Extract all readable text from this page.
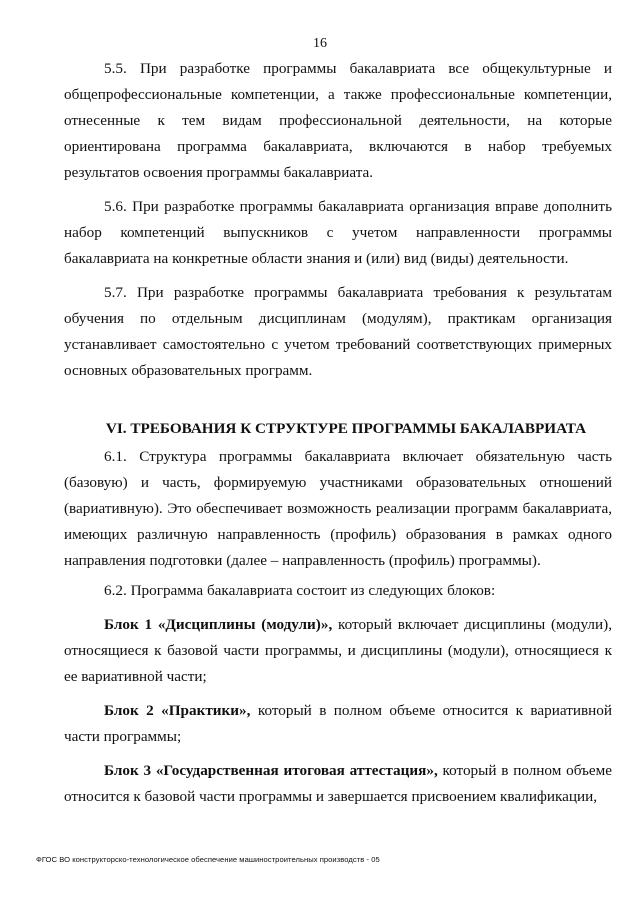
16

5.5. При разработке программы бакалавриата все общекультурные и общепрофессиональные компетенции, а также профессиональные компетенции, отнесенные к тем видам профессиональной деятельности, на которые ориентирована программа бакалавриата, включаются в набор требуемых результатов освоения программы бакалавриата.

5.6. При разработке программы бакалавриата организация вправе дополнить набор компетенций выпускников с учетом направленности программы бакалавриата на конкретные области знания и (или) вид (виды) деятельности.

5.7. При разработке программы бакалавриата требования к результатам обучения по отдельным дисциплинам (модулям), практикам организация устанавливает самостоятельно с учетом требований соответствующих примерных основных образовательных программ.

VI. ТРЕБОВАНИЯ К СТРУКТУРЕ ПРОГРАММЫ БАКАЛАВРИАТА

6.1. Структура программы бакалавриата включает обязательную часть (базовую) и часть, формируемую участниками образовательных отношений (вариативную). Это обеспечивает возможность реализации программ бакалавриата, имеющих различную направленность (профиль) образования в рамках одного направления подготовки (далее – направленность (профиль) программы).

6.2. Программа бакалавриата состоит из следующих блоков:

Блок 1 «Дисциплины (модули)», который включает дисциплины (модули), относящиеся к базовой части программы, и дисциплины (модули), относящиеся к ее вариативной части;

Блок 2 «Практики», который в полном объеме относится к вариативной части программы;

Блок 3 «Государственная итоговая аттестация», который в полном объеме относится к базовой части программы и завершается присвоением квалификации,

ФГОС ВО конструкторско-технологическое обеспечение машиностроительных производств - 05
